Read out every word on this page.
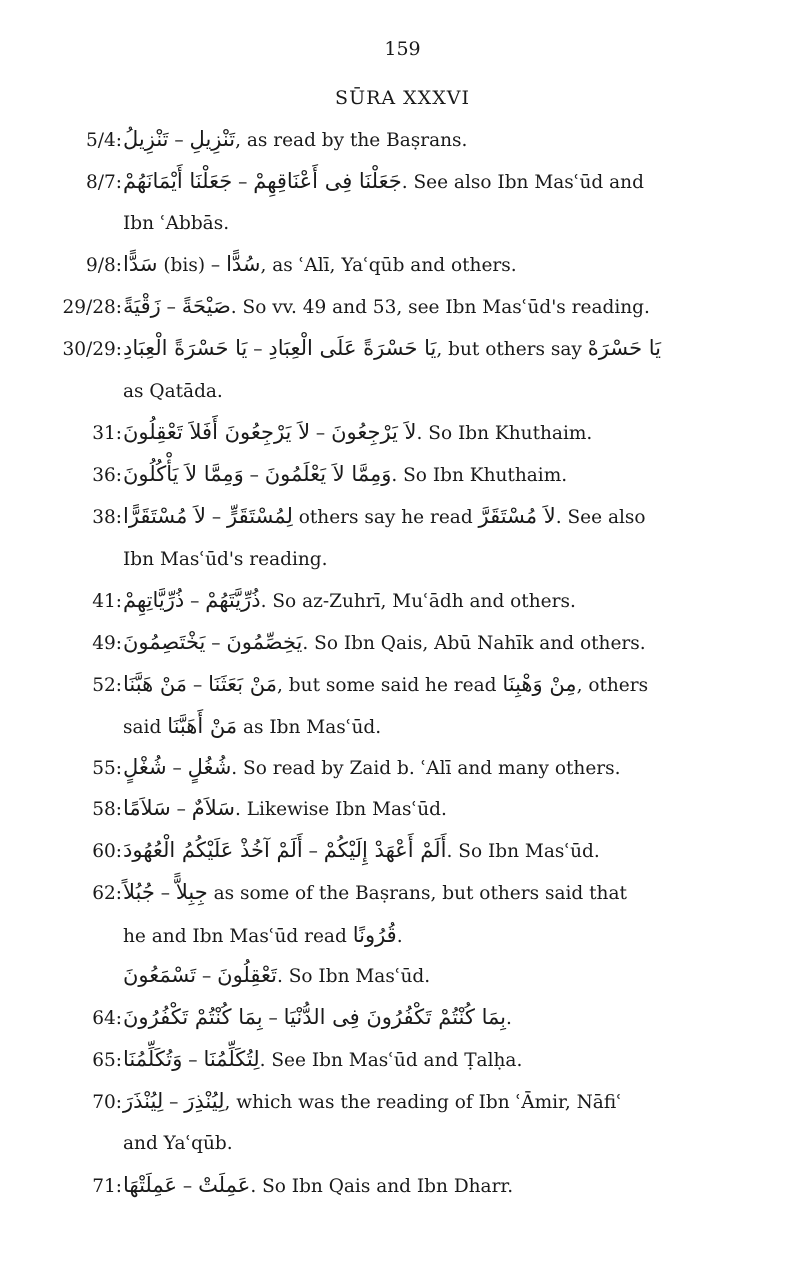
159
SŪRA XXXVI
5/4: تَنْزِيلُ – تَنْزِيلِ, as read by the Baṣrans.
8/7: جَعَلْنَا أَيْمَانَهُمْ – جَعَلْنَا فِى أَعْنَاقِهِمْ. See also Ibn Masʿūd and
Ibn ʿAbbās.
9/8: سَدًّا (bis) – سُدًّا, as ʿAlī, Yaʿqūb and others.
29/28: زَقْيَةً – صَيْحَةً. So vv. 49 and 53, see Ibn Masʿūd's reading.
30/29: يَا حَسْرَةً الْعِبَادِ – يَا حَسْرَةً عَلَى الْعِبَادِ, but others say يَا حَسْرَهْ
as Qatāda.
31: لاَ يَرْجِعُونَ أَفَلاَ تَعْقِلُونَ – لاَ يَرْجِعُونَ. So Ibn Khuthaim.
36: وَمِمَّا لاَ يَأْكُلُونَ – وَمِمَّا لاَ يَعْلَمُونَ. So Ibn Khuthaim.
38: لاَ مُسْتَقَرًّا – لِمُسْتَقَرٍّ others say he read لاَ مُسْتَقَرَّ. See also
Ibn Masʿūd's reading.
41: ذُرِّيَّاتِهِمْ – ذُرِّيَّتَهُمْ. So az-Zuhrī, Muʿādh and others.
49: يَخْتَصِمُونَ – يَخِصِّمُونَ. So Ibn Qais, Abū Nahīk and others.
52: مَنْ هَبَّنَا – مَنْ بَعَثَنَا, but some said he read مِنْ وَهْبِنَا, others
said مَنْ أَهَبَّنَا as Ibn Masʿūd.
55: شُغْلٍ – شُغُلٍ. So read by Zaid b. ʿAlī and many others.
58: سَلاَمًا – سَلاَمٌ. Likewise Ibn Masʿūd.
60: أَلَمْ آخُذْ عَلَيْكُمُ الْعُهُودَ – أَلَمْ أَعْهَدْ إِلَيْكُمْ. So Ibn Masʿūd.
62: جُبُلاً – جِبِلاًّ as some of the Baṣrans, but others said that
he and Ibn Masʿūd read قُرُونًا.
تَسْمَعُونَ – تَعْقِلُونَ. So Ibn Masʿūd.
64: بِمَا كُنْتُمْ تَكْفُرُونَ – بِمَا كُنْتُمْ تَكْفُرُونَ فِى الدُّنْيَا.
65: وَتُكَلِّمُنَا – لِتُكَلِّمُنَا. See Ibn Masʿūd and Ṭalḥa.
70: لِيُنْذَرَ – لِيُنْذِرَ, which was the reading of Ibn ʿĀmir, Nāfiʿ
and Yaʿqūb.
71: عَمِلَتْهَا – عَمِلَتْ. So Ibn Qais and Ibn Dharr.
